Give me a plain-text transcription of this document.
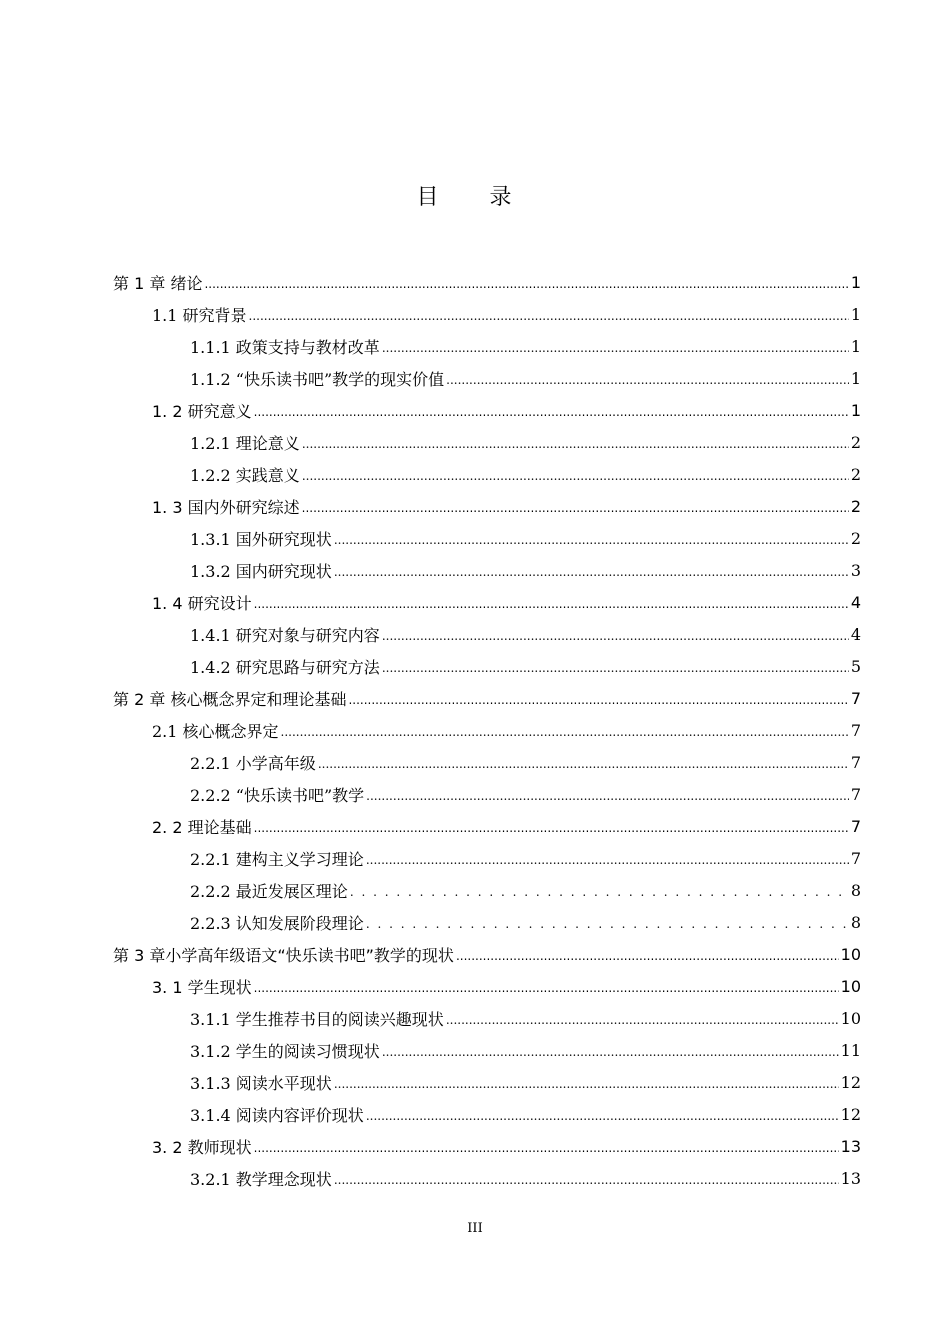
目 录
第 1 章 绪论 .....	1
1.1 研究背景 .....	1
1.1.1 政策支持与教材改革 .....	1
1.1.2 “快乐读书吧”教学的现实价值 .....	1
1. 2 研究意义 .....	1
1.2.1 理论意义 .....	2
1.2.2 实践意义 .....	2
1. 3 国内外研究综述 .....	2
1.3.1 国外研究现状 .....	2
1.3.2 国内研究现状 .....	3
1. 4 研究设计 .....	4
1.4.1 研究对象与研究内容 .....	4
1.4.2 研究思路与研究方法 .....	5
第 2 章 核心概念界定和理论基础 .....	7
2.1 核心概念界定 .....	7
2.2.1 小学高年级 .....	7
2.2.2 “快乐读书吧”教学 .....	7
2. 2 理论基础 .....	7
2.2.1 建构主义学习理论 .....	7
2.2.2 最近发展区理论 . . .	8
2.2.3 认知发展阶段理论 . . .	8
第 3 章小学高年级语文“快乐读书吧”教学的现状 .....	10
3. 1 学生现状 .....	10
3.1.1 学生推荐书目的阅读兴趣现状 .....	10
3.1.2 学生的阅读习惯现状 .....	11
3.1.3 阅读水平现状 .....	12
3.1.4 阅读内容评价现状 .....	12
3. 2 教师现状 .....	13
3.2.1 教学理念现状 .....	13
III
